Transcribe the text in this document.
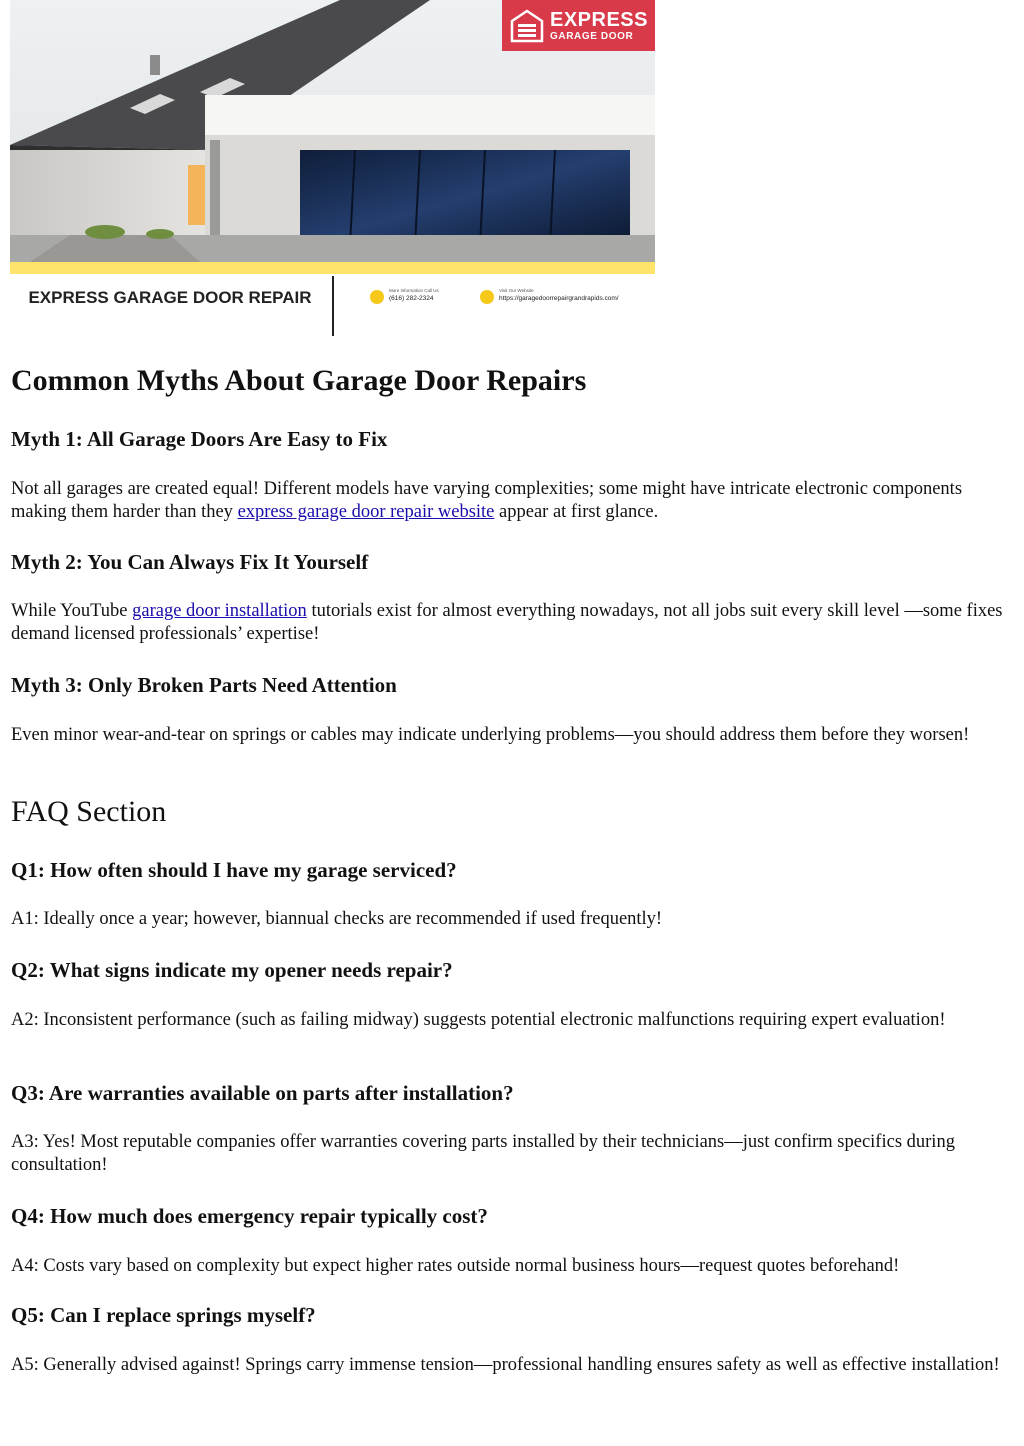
EXPRESS
GARAGE DOOR
EXPRESS GARAGE DOOR REPAIR	More Information Call Us
(616) 282-2324
Visit Our Website
https://garagedoorrepairgrandrapids.com/
Common Myths About Garage Door Repairs
Myth 1: All Garage Doors Are Easy to Fix

Not all garages are created equal! Different models have varying complexities; some might have intricate electronic components making them harder than they express garage door repair website appear at first glance.

Myth 2: You Can Always Fix It Yourself

While YouTube garage door installation tutorials exist for almost everything nowadays, not all jobs suit every skill level —some fixes demand licensed professionals’ expertise!

Myth 3: Only Broken Parts Need Attention

Even minor wear-and-tear on springs or cables may indicate underlying problems—you should address them before they worsen!

FAQ Section
Q1: How often should I have my garage serviced?

A1: Ideally once a year; however, biannual checks are recommended if used frequently!

Q2: What signs indicate my opener needs repair?

A2: Inconsistent performance (such as failing midway) suggests potential electronic malfunctions requiring expert evaluation!

Q3: Are warranties available on parts after installation?

A3: Yes! Most reputable companies offer warranties covering parts installed by their technicians—just confirm specifics during consultation!

Q4: How much does emergency repair typically cost?

A4: Costs vary based on complexity but expect higher rates outside normal business hours—request quotes beforehand!

Q5: Can I replace springs myself?

A5: Generally advised against! Springs carry immense tension—professional handling ensures safety as well as effective installation!
